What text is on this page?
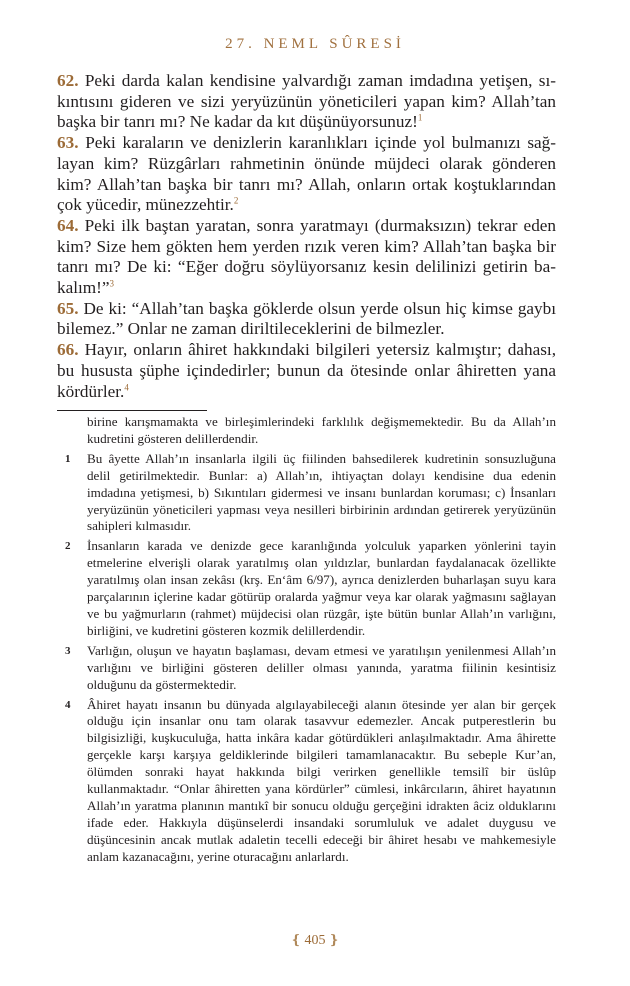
27. NEML SÛRESİ

62. Peki darda kalan kendisine yalvardığı zaman imdadına yetişen, sıkıntısını gideren ve sizi yeryüzünün yöneticileri yapan kim? Allah’tan başka bir tanrı mı? Ne kadar da kıt düşünüyorsunuz!$^1$

63. Peki karaların ve denizlerin karanlıkları içinde yol bulmanızı sağlayan kim? Rüzgârları rahmetinin önünde müjdeci olarak gönderen kim? Allah’tan başka bir tanrı mı? Allah, onların ortak koştuklarından çok yücedir, münezzehtir.$^2$

64. Peki ilk baştan yaratan, sonra yaratmayı (durmaksızın) tekrar eden kim? Size hem gökten hem yerden rızık veren kim? Allah’tan başka bir tanrı mı? De ki: “Eğer doğru söylüyorsanız kesin delilinizi getirin bakalım!”$^3$

65. De ki: “Allah’tan başka göklerde olsun yerde olsun hiç kimse gaybı bilemez.” Onlar ne zaman diriltileceklerini de bilmezler.

66. Hayır, onların âhiret hakkındaki bilgileri yetersiz kalmıştır; dahası, bu hususta şüphe içindedirler; bunun da ötesinde onlar âhiretten yana kördürler.$^4$

birine karışmamakta ve birleşimlerindeki farklılık değişmemektedir. Bu da Allah’ın kudretini gösteren delillerdendir.

1 Bu âyette Allah’ın insanlarla ilgili üç fiilinden bahsedilerek kudretinin sonsuzluğuna delil getirilmektedir. Bunlar: a) Allah’ın, ihtiyaçtan dolayı kendisine dua edenin imdadına yetişmesi, b) Sıkıntıları gidermesi ve insanı bunlardan koruması; c) İnsanları yeryüzünün yöneticileri yapması veya nesilleri birbirinin ardından getirerek yeryüzünün sahipleri kılmasıdır.

2 İnsanların karada ve denizde gece karanlığında yolculuk yaparken yönlerini tayin etmelerine elverişli olarak yaratılmış olan yıldızlar, bunlardan faydalanacak özellikte yaratılmış olan insan zekâsı (krş. En‘âm 6/97), ayrıca denizlerden buharlaşan suyu kara parçalarının içlerine kadar götürüp oralarda yağmur veya kar olarak yağmasını sağlayan ve bu yağmurların (rahmet) müjdecisi olan rüzgâr, işte bütün bunlar Allah’ın varlığını, birliğini, ve kudretini gösteren kozmik delillerdendir.

3 Varlığın, oluşun ve hayatın başlaması, devam etmesi ve yaratılışın yenilenmesi Allah’ın varlığını ve birliğini gösteren deliller olması yanında, yaratma fiilinin kesintisiz olduğunu da göstermektedir.

4 Âhiret hayatı insanın bu dünyada algılayabileceği alanın ötesinde yer alan bir gerçek olduğu için insanlar onu tam olarak tasavvur edemezler. Ancak putperestlerin bu bilgisizliği, kuşkuculuğa, hatta inkâra kadar götürdükleri anlaşılmaktadır. Ama âhirette gerçekle karşı karşıya geldiklerinde bilgileri tamamlanacaktır. Bu sebeple Kur’an, ölümden sonraki hayat hakkında bilgi verirken genellikle temsilî bir üslûp kullanmaktadır. “Onlar âhiretten yana kördürler” cümlesi, inkârcıların, âhiret hayatının Allah’ın yaratma planının mantıkî bir sonucu olduğu gerçeğini idrakten âciz olduklarını ifade eder. Hakkıyla düşünselerdi insandaki sorumluluk ve adalet duygusu ve düşüncesinin ancak mutlak adaletin tecelli edeceği bir âhiret hesabı ve mahkemesiyle anlam kazanacağını, yerine oturacağını anlarlardı.

❴ 405 ❵
